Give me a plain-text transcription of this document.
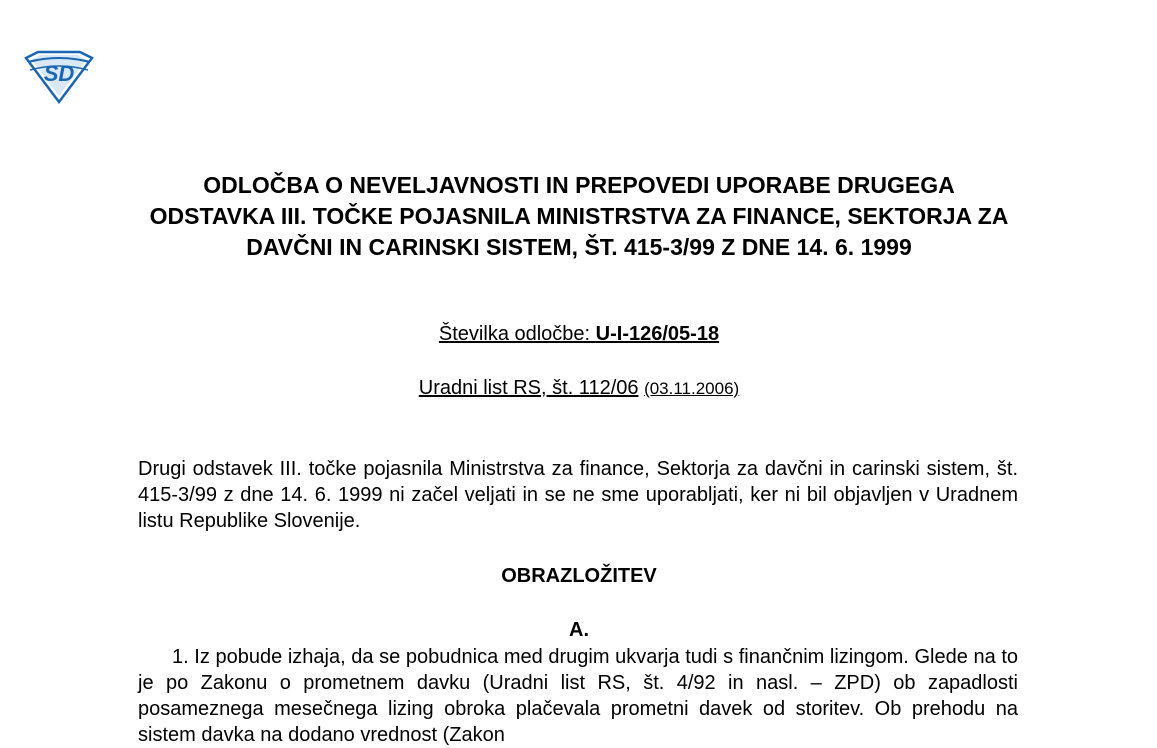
SD
ODLOČBA O NEVELJAVNOSTI IN PREPOVEDI UPORABE DRUGEGA ODSTAVKA III. TOČKE POJASNILA MINISTRSTVA ZA FINANCE, SEKTORJA ZA DAVČNI IN CARINSKI SISTEM, ŠT. 415-3/99 Z DNE 14. 6. 1999

Številka odločbe: U-I-126/05-18

Uradni list RS, št. 112/06 (03.11.2006)

Drugi odstavek III. točke pojasnila Ministrstva za finance, Sektorja za davčni in carinski sistem, št. 415-3/99 z dne 14. 6. 1999 ni začel veljati in se ne sme uporabljati, ker ni bil objavljen v Uradnem listu Republike Slovenije.

OBRAZLOŽITEV

A.

1. Iz pobude izhaja, da se pobudnica med drugim ukvarja tudi s finančnim lizingom. Glede na to je po Zakonu o prometnem davku (Uradni list RS, št. 4/92 in nasl. – ZPD) ob zapadlosti posameznega mesečnega lizing obroka plačevala prometni davek od storitev. Ob prehodu na sistem davka na dodano vrednost (Zakon
